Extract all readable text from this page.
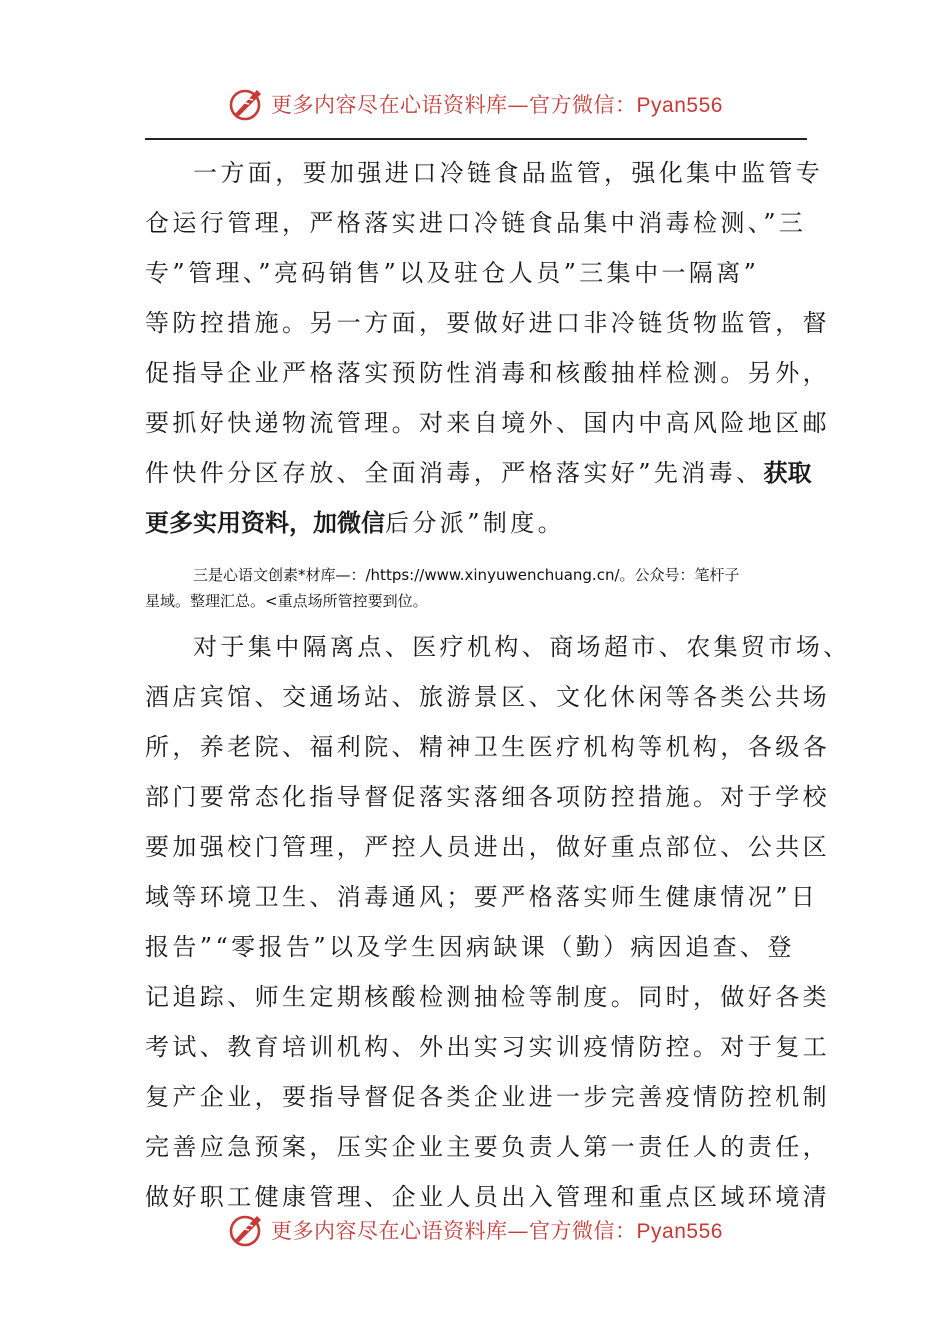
更多内容尽在心语资料库—官方微信：Pyan556
一方面，要加强进口冷链食品监管，强化集中监管专
仓运行管理，严格落实进口冷链食品集中消毒检测、”三
专”管理、”亮码销售”以及驻仓人员”三集中一隔离”
等防控措施。另一方面，要做好进口非冷链货物监管，督
促指导企业严格落实预防性消毒和核酸抽样检测。另外，
要抓好快递物流管理。对来自境外、国内中高风险地区邮
件快件分区存放、全面消毒，严格落实好”先消毒、获取
更多实用资料，加微信后分派”制度。
三是心语文创素*材库—：/https://www.xinyuwenchuang.cn/。公众号：笔杆子
星域。整理汇总。<重点场所管控要到位。
对于集中隔离点、医疗机构、商场超市、农集贸市场、
酒店宾馆、交通场站、旅游景区、文化休闲等各类公共场
所，养老院、福利院、精神卫生医疗机构等机构，各级各
部门要常态化指导督促落实落细各项防控措施。对于学校
要加强校门管理，严控人员进出，做好重点部位、公共区
域等环境卫生、消毒通风；要严格落实师生健康情况”日
报告”“零报告”以及学生因病缺课（勤）病因追查、登
记追踪、师生定期核酸检测抽检等制度。同时，做好各类
考试、教育培训机构、外出实习实训疫情防控。对于复工
复产企业，要指导督促各类企业进一步完善疫情防控机制
完善应急预案，压实企业主要负责人第一责任人的责任，
做好职工健康管理、企业人员出入管理和重点区域环境清
更多内容尽在心语资料库—官方微信：Pyan556
